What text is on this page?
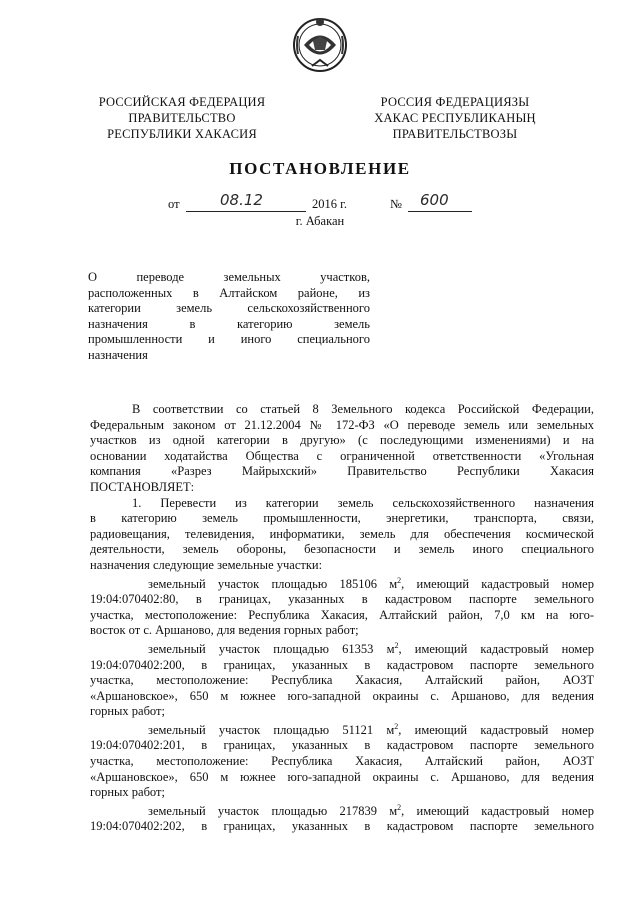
РОССИЙСКАЯ ФЕДЕРАЦИЯ
ПРАВИТЕЛЬСТВО
РЕСПУБЛИКИ ХАКАСИЯ
РОССИЯ ФЕДЕРАЦИЯЗЫ
ХАКАС РЕСПУБЛИКАНЫҢ
ПРАВИТЕЛЬСТВОЗЫ
ПОСТАНОВЛЕНИЕ
от	08.12	2016 г.	№ 600
г. Абакан
О переводе земельных участков,
расположенных в Алтайском районе, из
категории земель сельскохозяйственного
назначения в категорию земель
промышленности и иного специального
назначения
В соответствии со статьей 8 Земельного кодекса Российской Федерации,
Федеральным законом от 21.12.2004 № 172-ФЗ «О переводе земель или земельных
участков из одной категории в другую» (с последующими изменениями) и на
основании ходатайства Общества с ограниченной ответственности «Угольная
компания «Разрез Майрыхский» Правительство Республики Хакасия
ПОСТАНОВЛЯЕТ:
1. Перевести из категории земель сельскохозяйственного назначения
в категорию земель промышленности, энергетики, транспорта, связи,
радиовещания, телевидения, информатики, земель для обеспечения космической
деятельности, земель обороны, безопасности и земель иного специального
назначения следующие земельные участки:
земельный участок площадью 185106 $м^2$, имеющий кадастровый номер
19:04:070402:80, в границах, указанных в кадастровом паспорте земельного
участка, местоположение: Республика Хакасия, Алтайский район, 7,0 км на юго-
восток от с. Аршаново, для ведения горных работ;
земельный участок площадью 61353 $м^2$, имеющий кадастровый номер
19:04:070402:200, в границах, указанных в кадастровом паспорте земельного
участка, местоположение: Республика Хакасия, Алтайский район, АОЗТ
«Аршановское», 650 м южнее юго-западной окраины с. Аршаново, для ведения
горных работ;
земельный участок площадью 51121 $м^2$, имеющий кадастровый номер
19:04:070402:201, в границах, указанных в кадастровом паспорте земельного
участка, местоположение: Республика Хакасия, Алтайский район, АОЗТ
«Аршановское», 650 м южнее юго-западной окраины с. Аршаново, для ведения
горных работ;
земельный участок площадью 217839 $м^2$, имеющий кадастровый номер
19:04:070402:202, в границах, указанных в кадастровом паспорте земельного
